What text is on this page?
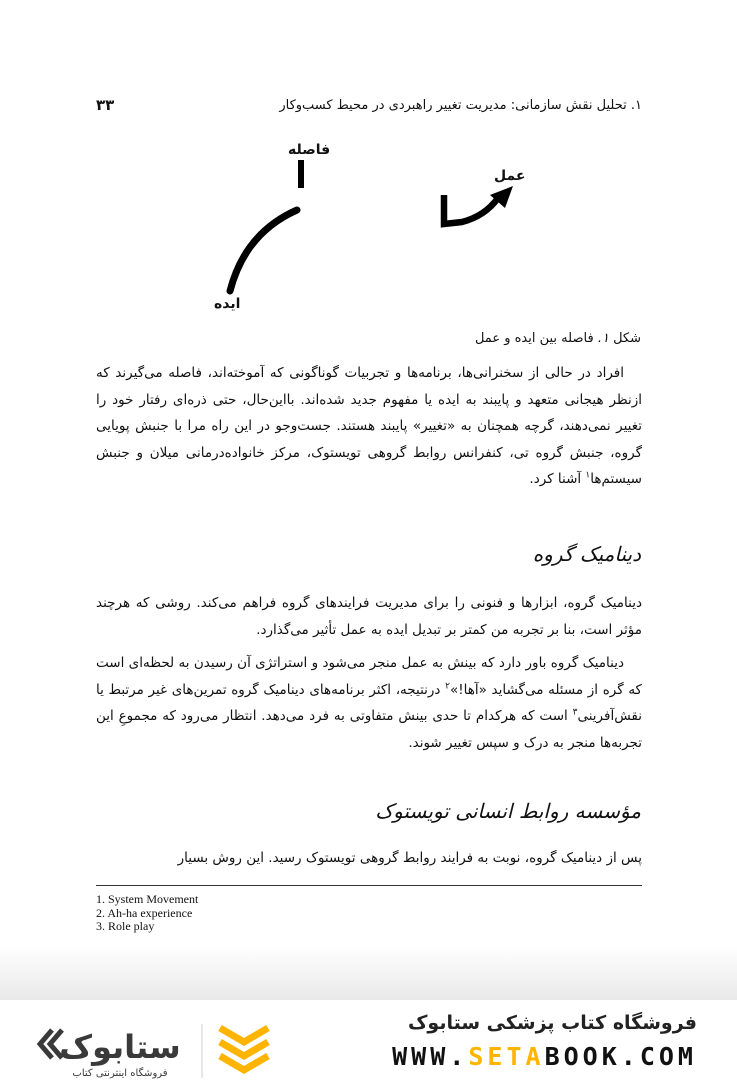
۱. تحلیل نقش سازمانی: مدیریت تغییر راهبردی در محیط کسب‌وکار
۳۳
فاصله
عمل
ایده
شکل ۱. فاصله بین ایده و عمل

افراد در حالی از سخنرانی‌ها، برنامه‌ها و تجربیات گوناگونی که آموخته‌اند، فاصله می‌گیرند که ازنظر هیجانی متعهد و پایبند به ایده یا مفهوم جدید شده‌اند. بااین‌حال، حتی ذره‌ای رفتار خود را تغییر نمی‌دهند، گرچه همچنان به «تغییر» پایبند هستند. جست‌وجو در این راه مرا با جنبش پویایی گروه، جنبش گروه تی، کنفرانس روابط گروهی تویستوک، مرکز خانواده‌درمانی میلان و جنبش سیستم‌ها$^۱$ آشنا کرد.

دینامیک گروه

دینامیک گروه، ابزارها و فنونی را برای مدیریت فرایندهای گروه فراهم می‌کند. روشی که هرچند مؤثر است، بنا بر تجربه من کمتر بر تبدیل ایده به عمل تأثیر می‌گذارد.

دینامیک گروه باور دارد که بینش به عمل منجر می‌شود و استراتژی آن رسیدن به لحظه‌ای است که گره از مسئله می‌گشاید «آها!»$^۲$ درنتیجه، اکثر برنامه‌های دینامیک گروه تمرین‌های غیر مرتبط یا نقش‌آفرینی$^۳$ است که هرکدام تا حدی بینش متفاوتی به فرد می‌دهد. انتظار می‌رود که مجموعِ این تجربه‌ها منجر به درک و سپس تغییر شوند.

مؤسسه روابط انسانی تویستوک

پس از دینامیک گروه، نوبت به فرایند روابط گروهی تویستوک رسید. این روش بسیار

1. System Movement
2. Ah-ha experience
3. Role play
ستابوک
فروشگاه اینترنتی کتاب
فروشگاه کتاب پزشکی ستابوک
WWW.SETABOOK.COM
